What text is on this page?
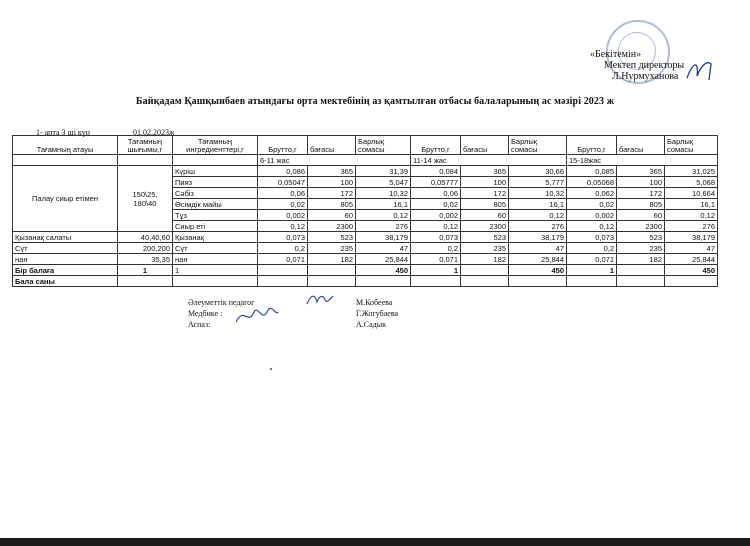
«Бекітемін»
Мектеп директоры
Л.Нурмуханова
Байқадам Қашқынбаев атындағы орта мектебінің аз қамтылған отбасы балаларының ас мәзірі 2023 ж
1- апта 3 ші күн	01.02.2023ж
Тағамның атауы	Тағамның шығымы,г	Тағамның ингредиенттері,г	Брутто,г	бағасы	Барлық сомасы	Брутто,г	бағасы	Барлық сомасы	Брутто,г	бағасы	Барлық сомасы
			6-11 жас			11-14 жас			15-18жас		
Палау сиыр етімен	150\25, 180\40	Күріш	0,086	365	31,39	0,084	365	30,66	0,085	365	31,025
		Пияз	0,05047	100	5,047	0,05777	100	5,777	0,05068	100	5,068
		Сәбіз	0,06	172	10,32	0,06	172	10,32	0,062	172	10,664
		Өсімдік майы	0,02	805	16,1	0,02	805	16,1	0,02	805	16,1
		Тұз	0,002	60	0,12	0,002	60	0,12	0,002	60	0,12
		Сиыр еті	0,12	2300	276	0,12	2300	276	0,12	2300	276
Қызанақ салаты	40,40,60	Қызанақ	0,073	523	38,179	0,073	523	38,179	0,073	523	38,179
Сүт	200,200	Сүт	0,2	235	47	0,2	235	47	0,2	235	47
нан	35,35	нан	0,071	182	25,844	0,071	182	25,844	0,071	182	25,844
Бір балаға	1	1			450	1		450	1		450
Бала саны											
Әлеуметтік педагог
Медбике :
Аспаз:
М.Кобеева
Г.Жогубаева
А.Садык
